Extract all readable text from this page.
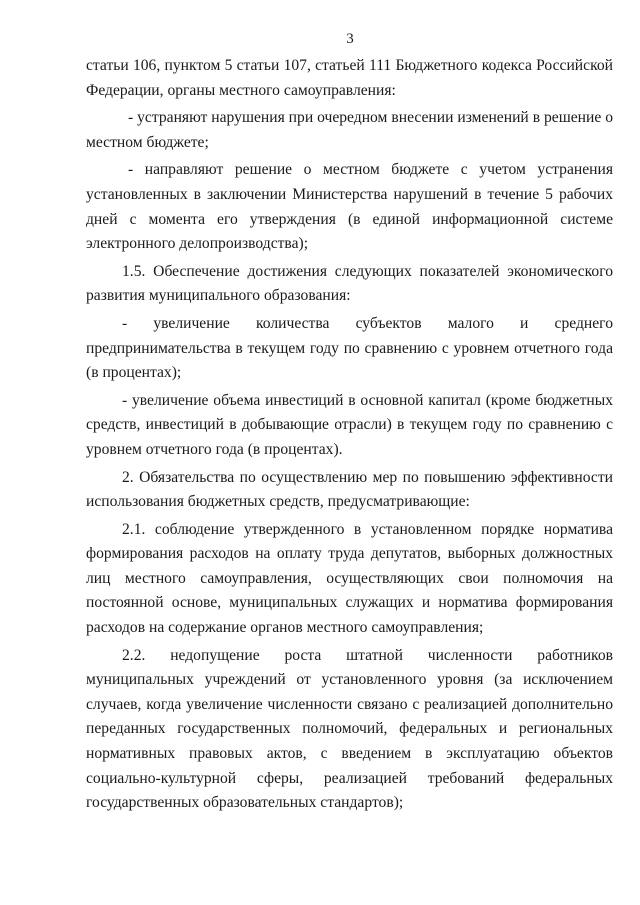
3

статьи 106, пунктом 5 статьи 107, статьей 111 Бюджетного кодекса Российской Федерации, органы местного самоуправления:

- устраняют нарушения при очередном внесении изменений в решение о местном бюджете;

- направляют решение о местном бюджете с учетом устранения установленных в заключении Министерства нарушений в течение 5 рабочих дней с момента его утверждения (в единой информационной системе электронного делопроизводства);

1.5. Обеспечение достижения следующих показателей экономического развития муниципального образования:

- увеличение количества субъектов малого и среднего предпринимательства в текущем году по сравнению с уровнем отчетного года (в процентах);

- увеличение объема инвестиций в основной капитал (кроме бюджетных средств, инвестиций в добывающие отрасли) в текущем году по сравнению с уровнем отчетного года (в процентах).

2. Обязательства по осуществлению мер по повышению эффективности использования бюджетных средств, предусматривающие:

2.1. соблюдение утвержденного в установленном порядке норматива формирования расходов на оплату труда депутатов, выборных должностных лиц местного самоуправления, осуществляющих свои полномочия на постоянной основе, муниципальных служащих и норматива формирования расходов на содержание органов местного самоуправления;

2.2. недопущение роста штатной численности работников муниципальных учреждений от установленного уровня (за исключением случаев, когда увеличение численности связано с реализацией дополнительно переданных государственных полномочий, федеральных и региональных нормативных правовых актов, с введением в эксплуатацию объектов социально-культурной сферы, реализацией требований федеральных государственных образовательных стандартов);
